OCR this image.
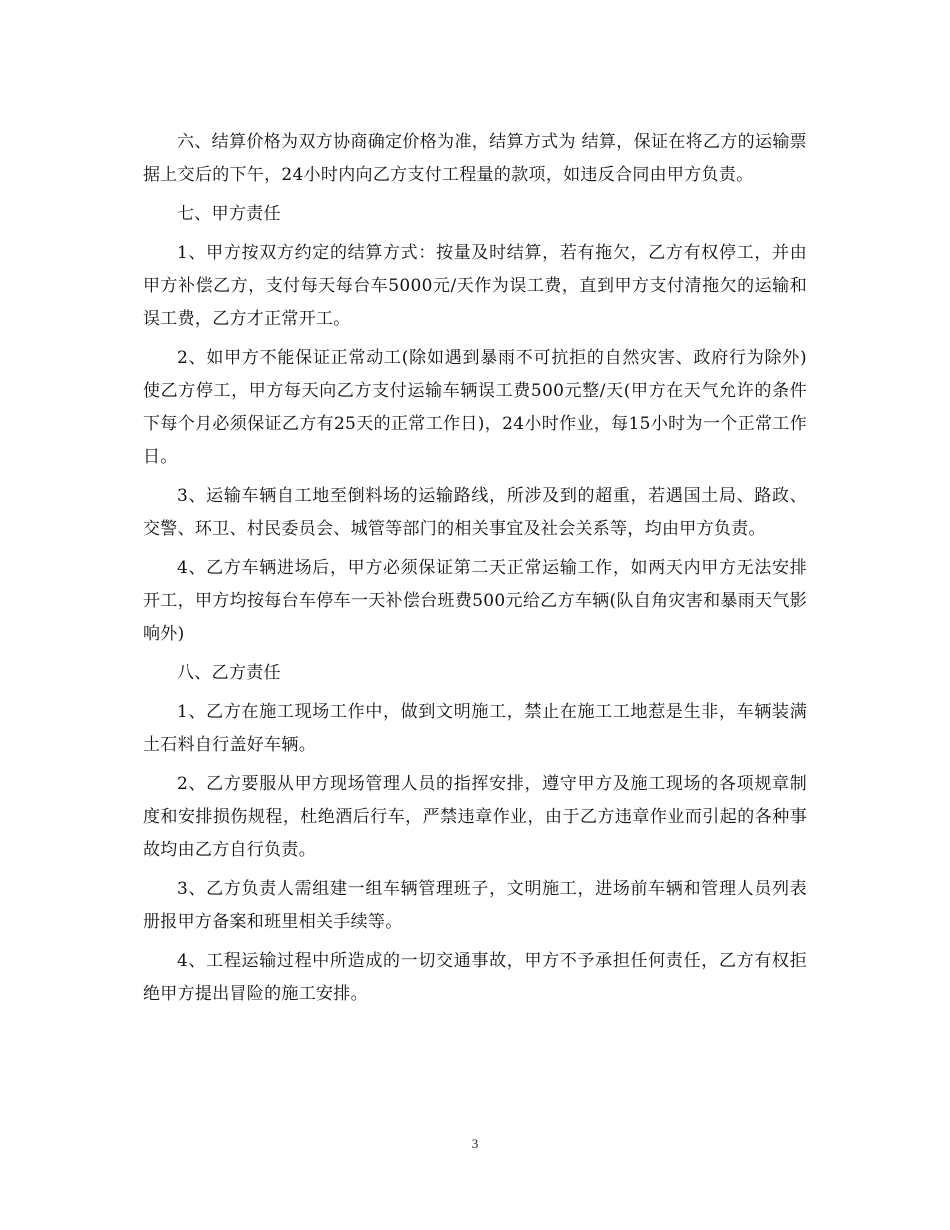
六、结算价格为双方协商确定价格为准，结算方式为 结算，保证在将乙方的运输票据上交后的下午，24小时内向乙方支付工程量的款项，如违反合同由甲方负责。

七、甲方责任

1、甲方按双方约定的结算方式：按量及时结算，若有拖欠，乙方有权停工，并由甲方补偿乙方，支付每天每台车5000元/天作为误工费，直到甲方支付清拖欠的运输和误工费，乙方才正常开工。

2、如甲方不能保证正常动工(除如遇到暴雨不可抗拒的自然灾害、政府行为除外)使乙方停工，甲方每天向乙方支付运输车辆误工费500元整/天(甲方在天气允许的条件下每个月必须保证乙方有25天的正常工作日)，24小时作业，每15小时为一个正常工作日。

3、运输车辆自工地至倒料场的运输路线，所涉及到的超重，若遇国土局、路政、交警、环卫、村民委员会、城管等部门的相关事宜及社会关系等，均由甲方负责。

4、乙方车辆进场后，甲方必须保证第二天正常运输工作，如两天内甲方无法安排开工，甲方均按每台车停车一天补偿台班费500元给乙方车辆(队自角灾害和暴雨天气影响外)

八、乙方责任

1、乙方在施工现场工作中，做到文明施工，禁止在施工工地惹是生非，车辆装满土石料自行盖好车辆。

2、乙方要服从甲方现场管理人员的指挥安排，遵守甲方及施工现场的各项规章制度和安排损伤规程，杜绝酒后行车，严禁违章作业，由于乙方违章作业而引起的各种事故均由乙方自行负责。

3、乙方负责人需组建一组车辆管理班子，文明施工，进场前车辆和管理人员列表册报甲方备案和班里相关手续等。

4、工程运输过程中所造成的一切交通事故，甲方不予承担任何责任，乙方有权拒绝甲方提出冒险的施工安排。

3
